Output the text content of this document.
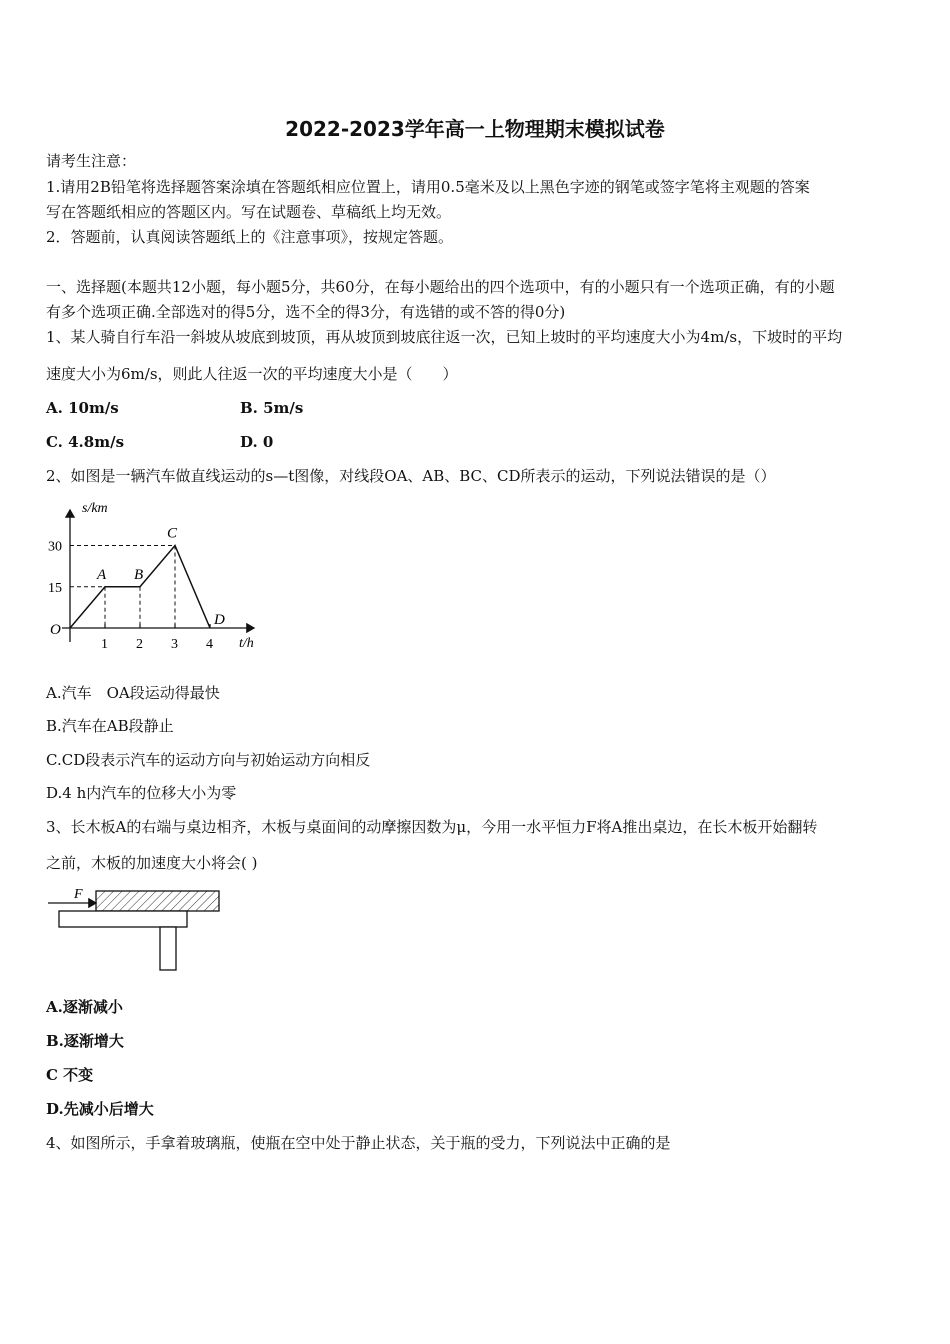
2022-2023学年高一上物理期末模拟试卷
请考生注意：
1.请用2B铅笔将选择题答案涂填在答题纸相应位置上，请用0.5毫米及以上黑色字迹的钢笔或签字笔将主观题的答案
写在答题纸相应的答题区内。写在试题卷、草稿纸上均无效。
2．答题前，认真阅读答题纸上的《注意事项》，按规定答题。
一、选择题(本题共12小题，每小题5分，共60分，在每小题给出的四个选项中，有的小题只有一个选项正确，有的小题
有多个选项正确.全部选对的得5分，选不全的得3分，有选错的或不答的得0分)
1、某人骑自行车沿一斜坡从坡底到坡顶，再从坡顶到坡底往返一次，已知上坡时的平均速度大小为4m/s，下坡时的平均
速度大小为6m/s，则此人往返一次的平均速度大小是（　　）
A. 10m/s	B. 5m/s
C. 4.8m/s	D. 0
2、如图是一辆汽车做直线运动的s—t图像，对线段OA、AB、BC、CD所表示的运动，下列说法错误的是（）
s/km
t/h
1 2 3 4
15
30
O
A B
C
D
A.汽车　OA段运动得最快
B.汽车在AB段静止
C.CD段表示汽车的运动方向与初始运动方向相反
D.4 h内汽车的位移大小为零
3、长木板A的右端与桌边相齐，木板与桌面间的动摩擦因数为μ，今用一水平恒力F将A推出桌边，在长木板开始翻转
之前，木板的加速度大小将会( )
F
A.逐渐减小
B.逐渐增大
C 不变
D.先减小后增大
4、如图所示，手拿着玻璃瓶，使瓶在空中处于静止状态，关于瓶的受力，下列说法中正确的是
